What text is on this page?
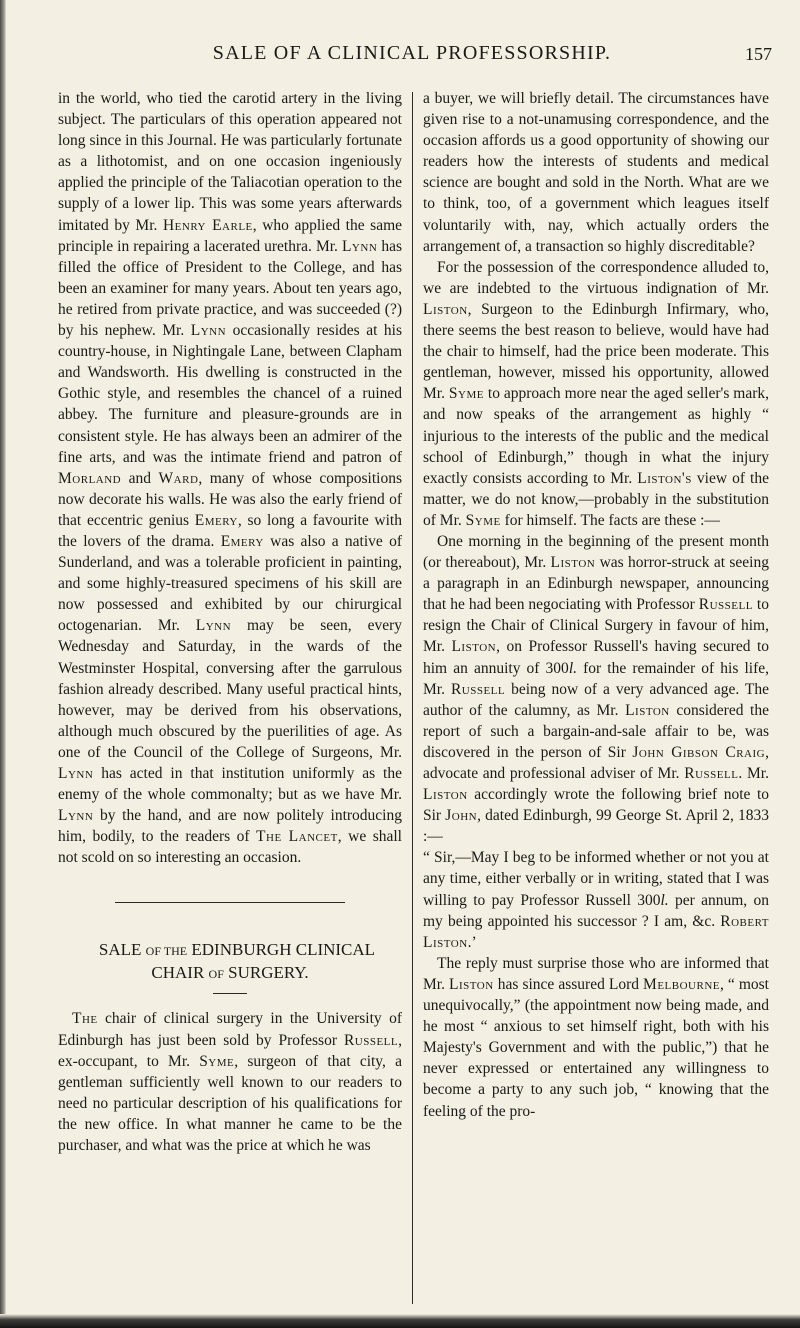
SALE OF A CLINICAL PROFESSORSHIP.	157

in the world, who tied the carotid artery in the living subject. The particulars of this operation appeared not long since in this Journal. He was particularly fortunate as a lithotomist, and on one occasion ingeniously applied the principle of the Taliacotian operation to the supply of a lower lip. This was some years afterwards imitated by Mr. Henry Earle, who applied the same principle in repairing a lacerated urethra. Mr. Lynn has filled the office of President to the College, and has been an examiner for many years. About ten years ago, he retired from private practice, and was succeeded (?) by his nephew. Mr. Lynn occasionally resides at his country-house, in Nightingale Lane, between Clapham and Wandsworth. His dwelling is constructed in the Gothic style, and resembles the chancel of a ruined abbey. The furniture and pleasure-grounds are in consistent style. He has always been an admirer of the fine arts, and was the intimate friend and patron of Morland and Ward, many of whose compositions now decorate his walls. He was also the early friend of that eccentric genius Emery, so long a favourite with the lovers of the drama. Emery was also a native of Sunderland, and was a tolerable proficient in painting, and some highly-treasured specimens of his skill are now possessed and exhibited by our chirurgical octogenarian. Mr. Lynn may be seen, every Wednesday and Saturday, in the wards of the Westminster Hospital, conversing after the garrulous fashion already described. Many useful practical hints, however, may be derived from his observations, although much obscured by the puerilities of age. As one of the Council of the College of Surgeons, Mr. Lynn has acted in that institution uniformly as the enemy of the whole commonalty; but as we have Mr. Lynn by the hand, and are now politely introducing him, bodily, to the readers of The Lancet, we shall not scold on so interesting an occasion.

SALE OF THE EDINBURGH CLINICAL
CHAIR OF SURGERY.

The chair of clinical surgery in the University of Edinburgh has just been sold by Professor Russell, ex-occupant, to Mr. Syme, surgeon of that city, a gentleman sufficiently well known to our readers to need no particular description of his qualifications for the new office. In what manner he came to be the purchaser, and what was the price at which he was

a buyer, we will briefly detail. The circumstances have given rise to a not-unamusing correspondence, and the occasion affords us a good opportunity of showing our readers how the interests of students and medical science are bought and sold in the North. What are we to think, too, of a government which leagues itself voluntarily with, nay, which actually orders the arrangement of, a transaction so highly discreditable?

For the possession of the correspondence alluded to, we are indebted to the virtuous indignation of Mr. Liston, Surgeon to the Edinburgh Infirmary, who, there seems the best reason to believe, would have had the chair to himself, had the price been moderate. This gentleman, however, missed his opportunity, allowed Mr. Syme to approach more near the aged seller's mark, and now speaks of the arrangement as highly “ injurious to the interests of the public and the medical school of Edinburgh,” though in what the injury exactly consists according to Mr. Liston's view of the matter, we do not know,—probably in the substitution of Mr. Syme for himself. The facts are these :—

One morning in the beginning of the present month (or thereabout), Mr. Liston was horror-struck at seeing a paragraph in an Edinburgh newspaper, announcing that he had been negociating with Professor Russell to resign the Chair of Clinical Surgery in favour of him, Mr. Liston, on Professor Russell's having secured to him an annuity of 300l. for the remainder of his life, Mr. Russell being now of a very advanced age. The author of the calumny, as Mr. Liston considered the report of such a bargain-and-sale affair to be, was discovered in the person of Sir John Gibson Craig, advocate and professional adviser of Mr. Russell. Mr. Liston accordingly wrote the following brief note to Sir John, dated Edinburgh, 99 George St. April 2, 1833 :—

“ Sir,—May I beg to be informed whether or not you at any time, either verbally or in writing, stated that I was willing to pay Professor Russell 300l. per annum, on my being appointed his successor ? I am, &c. Robert Liston.’

The reply must surprise those who are informed that Mr. Liston has since assured Lord Melbourne, “ most unequivocally,” (the appointment now being made, and he most “ anxious to set himself right, both with his Majesty's Government and with the public,”) that he never expressed or entertained any willingness to become a party to any such job, “ knowing that the feeling of the pro-
